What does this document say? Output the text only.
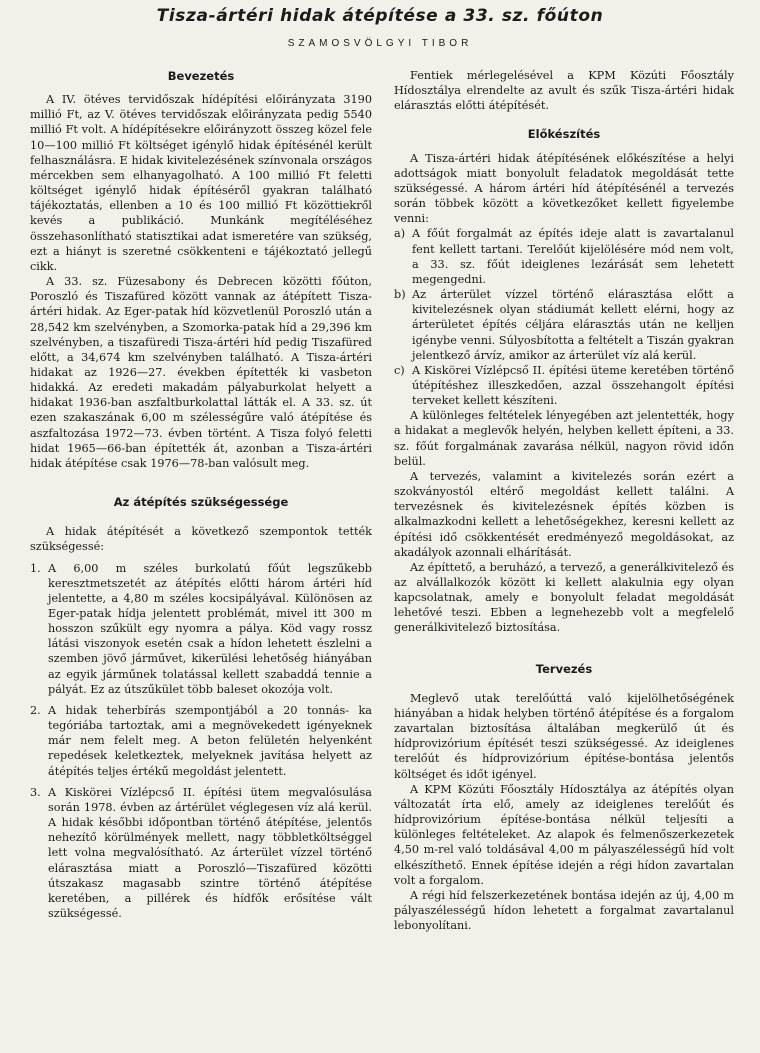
Tisza-ártéri hidak átépítése a 33. sz. főúton
SZAMOSVÖLGYI TIBOR
Bevezetés

A IV. ötéves tervidőszak hídépítési előirányzata 3190 millió Ft, az V. ötéves tervidőszak előirányzata pedig 5540 millió Ft volt. A hídépítésekre előirányzott összeg közel fele 10—100 millió Ft költséget igénylő hidak építésénél került felhasználásra. E hidak kivitelezésének színvonala országos mércekben sem elhanyagolható. A 100 millió Ft feletti költséget igénylő hidak építéséről gyakran található tájékoztatás, ellenben a 10 és 100 millió Ft közöttiekről kevés a publikáció. Munkánk megítéléséhez összehasonlítható statisztikai adat ismeretére van szükség, ezt a hiányt is szeretné csökkenteni e tájékoztató jellegű cikk.

A 33. sz. Füzesabony és Debrecen közötti főúton, Poroszló és Tiszafüred között vannak az átépített Tisza-ártéri hidak. Az Eger-patak híd közvetlenül Poroszló után a 28,542 km szelvényben, a Szomorka-patak híd a 29,396 km szelvényben, a tiszafüredi Tisza-ártéri híd pedig Tiszafüred előtt, a 34,674 km szelvényben található. A Tisza-ártéri hidakat az 1926—27. években építették ki vasbeton hidakká. Az eredeti makadám pályaburkolat helyett a hidakat 1936-ban aszfaltburkolattal látták el. A 33. sz. út ezen szakaszának 6,00 m szélességűre való átépítése és aszfaltozása 1972—73. évben történt. A Tisza folyó feletti hidat 1965—66-ban építették át, azonban a Tisza-ártéri hidak átépítése csak 1976—78-ban valósult meg.

Az átépítés szükségessége

A hidak átépítését a következő szempontok tették szükségessé:

1. A 6,00 m széles burkolatú főút legszűkebb keresztmetszetét az átépítés előtti három ártéri híd jelentette, a 4,80 m széles kocsipályával. Különösen az Eger-patak hídja jelentett problémát, mivel itt 300 m hosszon szűkült egy nyomra a pálya. Köd vagy rossz látási viszonyok esetén csak a hídon lehetett észlelni a szemben jövő járművet, kikerülési lehetőség hiányában az egyik járműnek tolatással kellett szabaddá tennie a pályát. Ez az útszűkület több baleset okozója volt.
2. A hidak teherbírás szempontjából a 20 tonnás- ka tegóriába tartoztak, ami a megnövekedett igényeknek már nem felelt meg. A beton felületén helyenként repedések keletkeztek, melyeknek javítása helyett az átépítés teljes értékű megoldást jelentett.
3. A Kiskörei Vízlépcső II. építési ütem megvalósulása során 1978. évben az ártérület véglegesen víz alá kerül. A hidak későbbi időpontban történő átépítése, jelentős nehezítő körülmények mellett, nagy többletköltséggel lett volna megvalósítható. Az árterület vízzel történő elárasztása miatt a Poroszló—Tiszafüred közötti útszakasz magasabb szintre történő átépítése keretében, a pillérek és hídfők erősítése vált szükségessé.

Fentiek mérlegelésével a KPM Közúti Főosztály Hídosztálya elrendelte az avult és szűk Tisza-ártéri hidak elárasztás előtti átépítését.

Előkészítés

A Tisza-ártéri hidak átépítésének előkészítése a helyi adottságok miatt bonyolult feladatok megoldását tette szükségessé. A három ártéri híd átépítésénél a tervezés során többek között a következőket kellett figyelembe venni:

a) A főút forgalmát az építés ideje alatt is zavartalanul fent kellett tartani. Terelőút kijelölésére mód nem volt, a 33. sz. főút ideiglenes lezárását sem lehetett megengedni.
b) Az árterület vízzel történő elárasztása előtt a kivitelezésnek olyan stádiumát kellett elérni, hogy az árterületet építés céljára elárasztás után ne kelljen igénybe venni. Súlyosbította a feltételt a Tiszán gyakran jelentkező árvíz, amikor az árterület víz alá kerül.
c) A Kiskörei Vízlépcső II. építési üteme keretében történő útépítéshez illeszkedően, azzal összehangolt építési terveket kellett készíteni.

A különleges feltételek lényegében azt jelentették, hogy a hidakat a meglevők helyén, helyben kellett építeni, a 33. sz. főút forgalmának zavarása nélkül, nagyon rövid időn belül.

A tervezés, valamint a kivitelezés során ezért a szokványostól eltérő megoldást kellett találni. A tervezésnek és kivitelezésnek építés közben is alkalmazkodni kellett a lehetőségekhez, keresni kellett az építési idő csökkentését eredményező megoldásokat, az akadályok azonnali elhárítását.

Az építtető, a beruházó, a tervező, a generálkivitelező és az alvállalkozók között ki kellett alakulnia egy olyan kapcsolatnak, amely e bonyolult feladat megoldását lehetővé teszi. Ebben a legnehezebb volt a megfelelő generálkivitelező biztosítása.

Tervezés

Meglevő utak terelőúttá való kijelölhetőségének hiányában a hidak helyben történő átépítése és a forgalom zavartalan biztosítása általában megkerülő út és hídprovizórium építését teszi szükségessé. Az ideiglenes terelőút és hídprovizórium építése-bontása jelentős költséget és időt igényel.

A KPM Közúti Főosztály Hídosztálya az átépítés olyan változatát írta elő, amely az ideiglenes terelőút és hídprovizórium építése-bontása nélkül teljesíti a különleges feltételeket. Az alapok és felmenőszerkezetek 4,50 m-rel való toldásával 4,00 m pályaszélességű híd volt elkészíthető. Ennek építése idején a régi hídon zavartalan volt a forgalom.

A régi híd felszerkezetének bontása idején az új, 4,00 m pályaszélességű hídon lehetett a forgalmat zavartalanul lebonyolítani.
